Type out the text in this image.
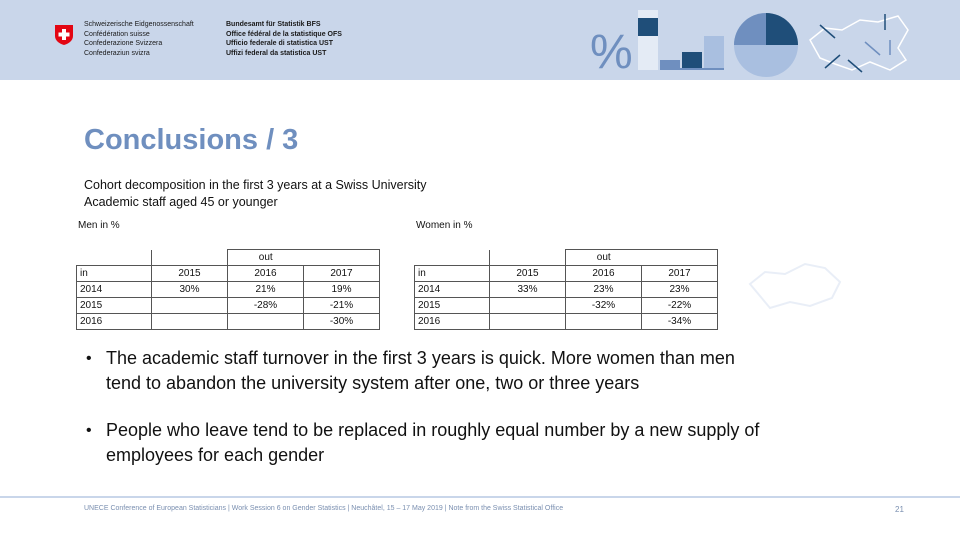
Schweizerische Eidgenossenschaft
Confédération suisse
Confederazione Svizzera
Confederaziun svizra
Bundesamt für Statistik BFS
Office fédéral de la statistique OFS
Ufficio federale di statistica UST
Uffizi federal da statistica UST	%
Conclusions / 3
Cohort decomposition in the first 3 years at a Swiss University
Academic staff aged 45 or younger
Men in %	Women in %
		out	
in	2015	2016	2017
2014	30%	21%	19%
2015		-28%	-21%
2016			-30%
		out	
in	2015	2016	2017
2014	33%	23%	23%
2015		-32%	-22%
2016			-34%
• The academic staff turnover in the first 3 years is quick. More women than men tend to abandon the university system after one, two or three years
• People who leave tend to be replaced in roughly equal number by a new supply of employees for each gender
UNECE Conference of European Statisticians | Work Session 6 on Gender Statistics | Neuchâtel, 15 – 17 May 2019 | Note from the Swiss Statistical Office	21
